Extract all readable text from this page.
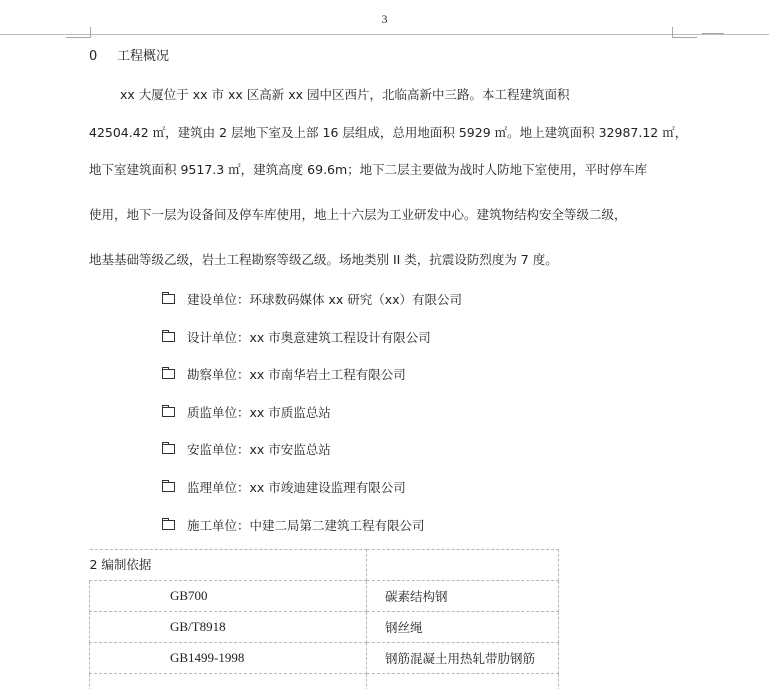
3
0 工程概况
xx 大厦位于 xx 市 xx 区高新 xx 园中区西片，北临高新中三路。本工程建筑面积
42504.42 ㎡，建筑由 2 层地下室及上部 16 层组成，总用地面积 5929 ㎡。地上建筑面积 32987.12 ㎡，
地下室建筑面积 9517.3 ㎡，建筑高度 69.6m；地下二层主要做为战时人防地下室使用，平时停车库
使用，地下一层为设备间及停车库使用，地上十六层为工业研发中心。建筑物结构安全等级二级，
地基基础等级乙级，岩土工程勘察等级乙级。场地类别 II 类，抗震设防烈度为 7 度。
建设单位：环球数码媒体 xx 研究（xx）有限公司
设计单位：xx 市奥意建筑工程设计有限公司
勘察单位：xx 市南华岩土工程有限公司
质监单位：xx 市质监总站
安监单位：xx 市安监总站
监理单位：xx 市竣迪建设监理有限公司
施工单位：中建二局第二建筑工程有限公司
2 编制依据	
GB700	碳素结构钢
GB/T8918	钢丝绳
GB1499-1998	钢筋混凝土用热轧带肋钢筋
